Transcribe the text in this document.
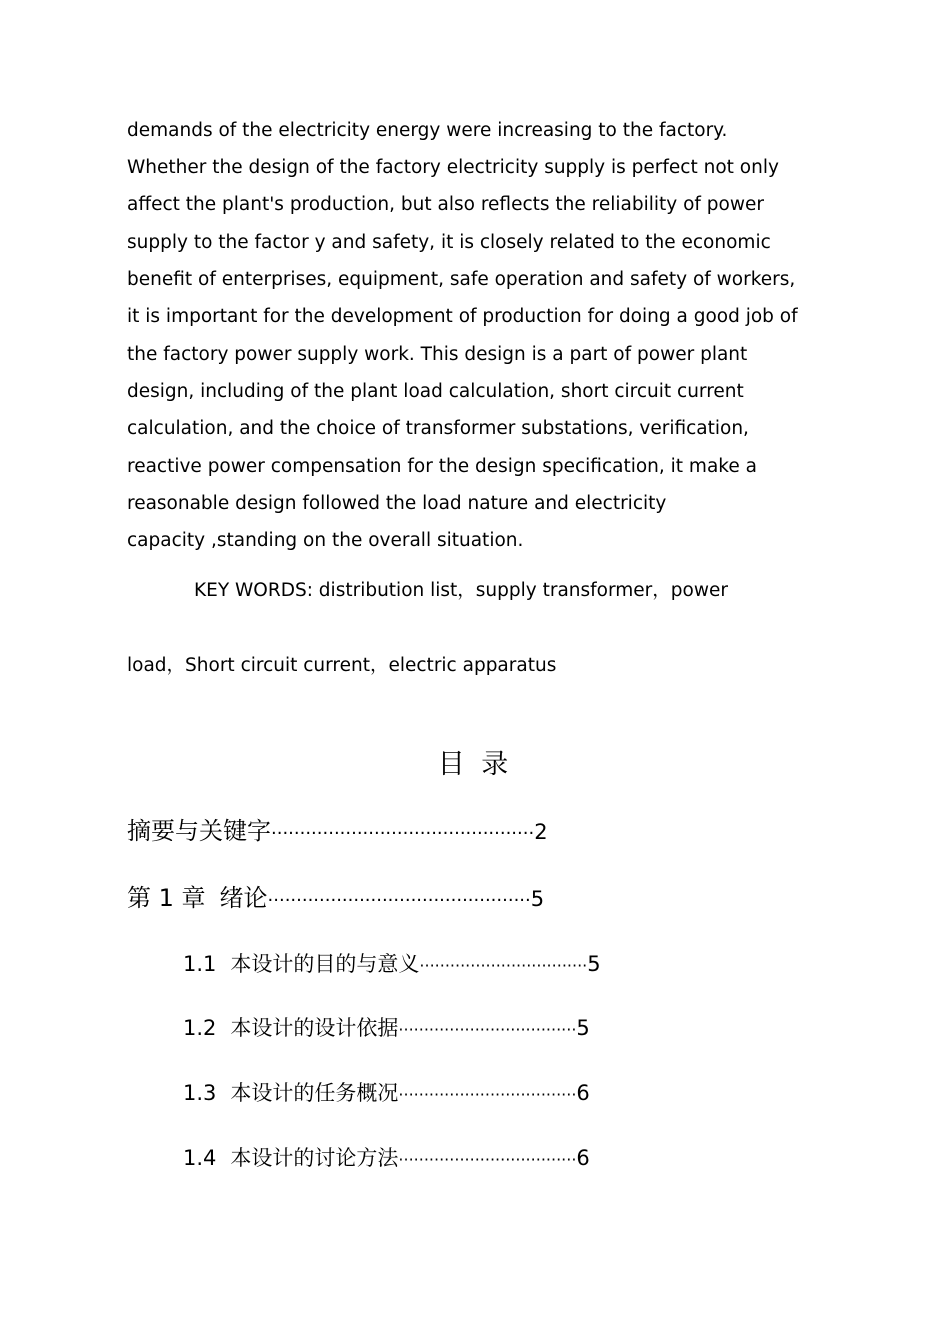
demands of the electricity energy were increasing to the factory.
Whether the design of the factory electricity supply is perfect not only
affect the plant's production, but also reflects the reliability of power
supply to the factor y and safety, it is closely related to the economic
benefit of enterprises, equipment, safe operation and safety of workers,
it is important for the development of production for doing a good job of
the factory power supply work. This design is a part of power plant
design, including of the plant load calculation, short circuit current
calculation, and the choice of transformer substations, verification,
reactive power compensation for the design specification, it make a
reasonable design followed the load nature and electricity
capacity ,standing on the overall situation.
KEY WORDS: distribution list，supply transformer，power
load，Short circuit current，electric apparatus
目 录
摘要与关键字··············································2
第 1 章 绪论··············································5
1.1 本设计的目的与意义·································5
1.2 本设计的设计依据···································5
1.3 本设计的任务概况···································6
1.4 本设计的讨论方法···································6
